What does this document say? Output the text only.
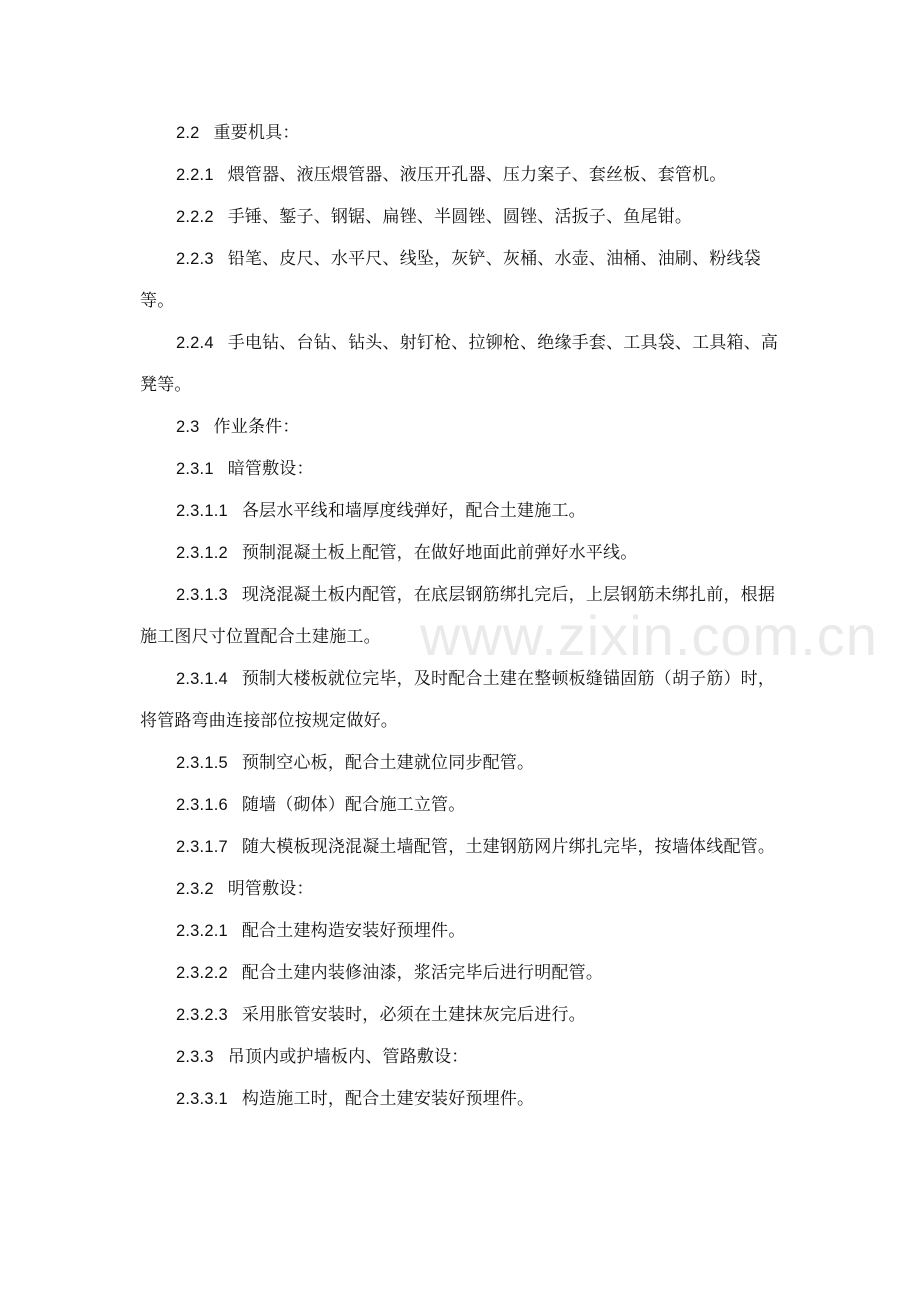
2.2 重要机具：

2.2.1 煨管器、液压煨管器、液压开孔器、压力案子、套丝板、套管机。

2.2.2 手锤、錾子、钢锯、扁锉、半圆锉、圆锉、活扳子、鱼尾钳。

2.2.3 铅笔、皮尺、水平尺、线坠，灰铲、灰桶、水壶、油桶、油刷、粉线袋等。

2.2.4 手电钻、台钻、钻头、射钉枪、拉铆枪、绝缘手套、工具袋、工具箱、高凳等。

2.3 作业条件：

2.3.1 暗管敷设：

2.3.1.1 各层水平线和墙厚度线弹好，配合土建施工。

2.3.1.2 预制混凝土板上配管，在做好地面此前弹好水平线。

2.3.1.3 现浇混凝土板内配管，在底层钢筋绑扎完后，上层钢筋未绑扎前，根据施工图尺寸位置配合土建施工。

2.3.1.4 预制大楼板就位完毕，及时配合土建在整顿板缝锚固筋（胡子筋）时，将管路弯曲连接部位按规定做好。

2.3.1.5 预制空心板，配合土建就位同步配管。

2.3.1.6 随墙（砌体）配合施工立管。

2.3.1.7 随大模板现浇混凝土墙配管，土建钢筋网片绑扎完毕，按墙体线配管。

2.3.2 明管敷设：

2.3.2.1 配合土建构造安装好预埋件。

2.3.2.2 配合土建内装修油漆，浆活完毕后进行明配管。

2.3.2.3 采用胀管安装时，必须在土建抹灰完后进行。

2.3.3 吊顶内或护墙板内、管路敷设：

2.3.3.1 构造施工时，配合土建安装好预埋件。

www.zixin.com.cn
